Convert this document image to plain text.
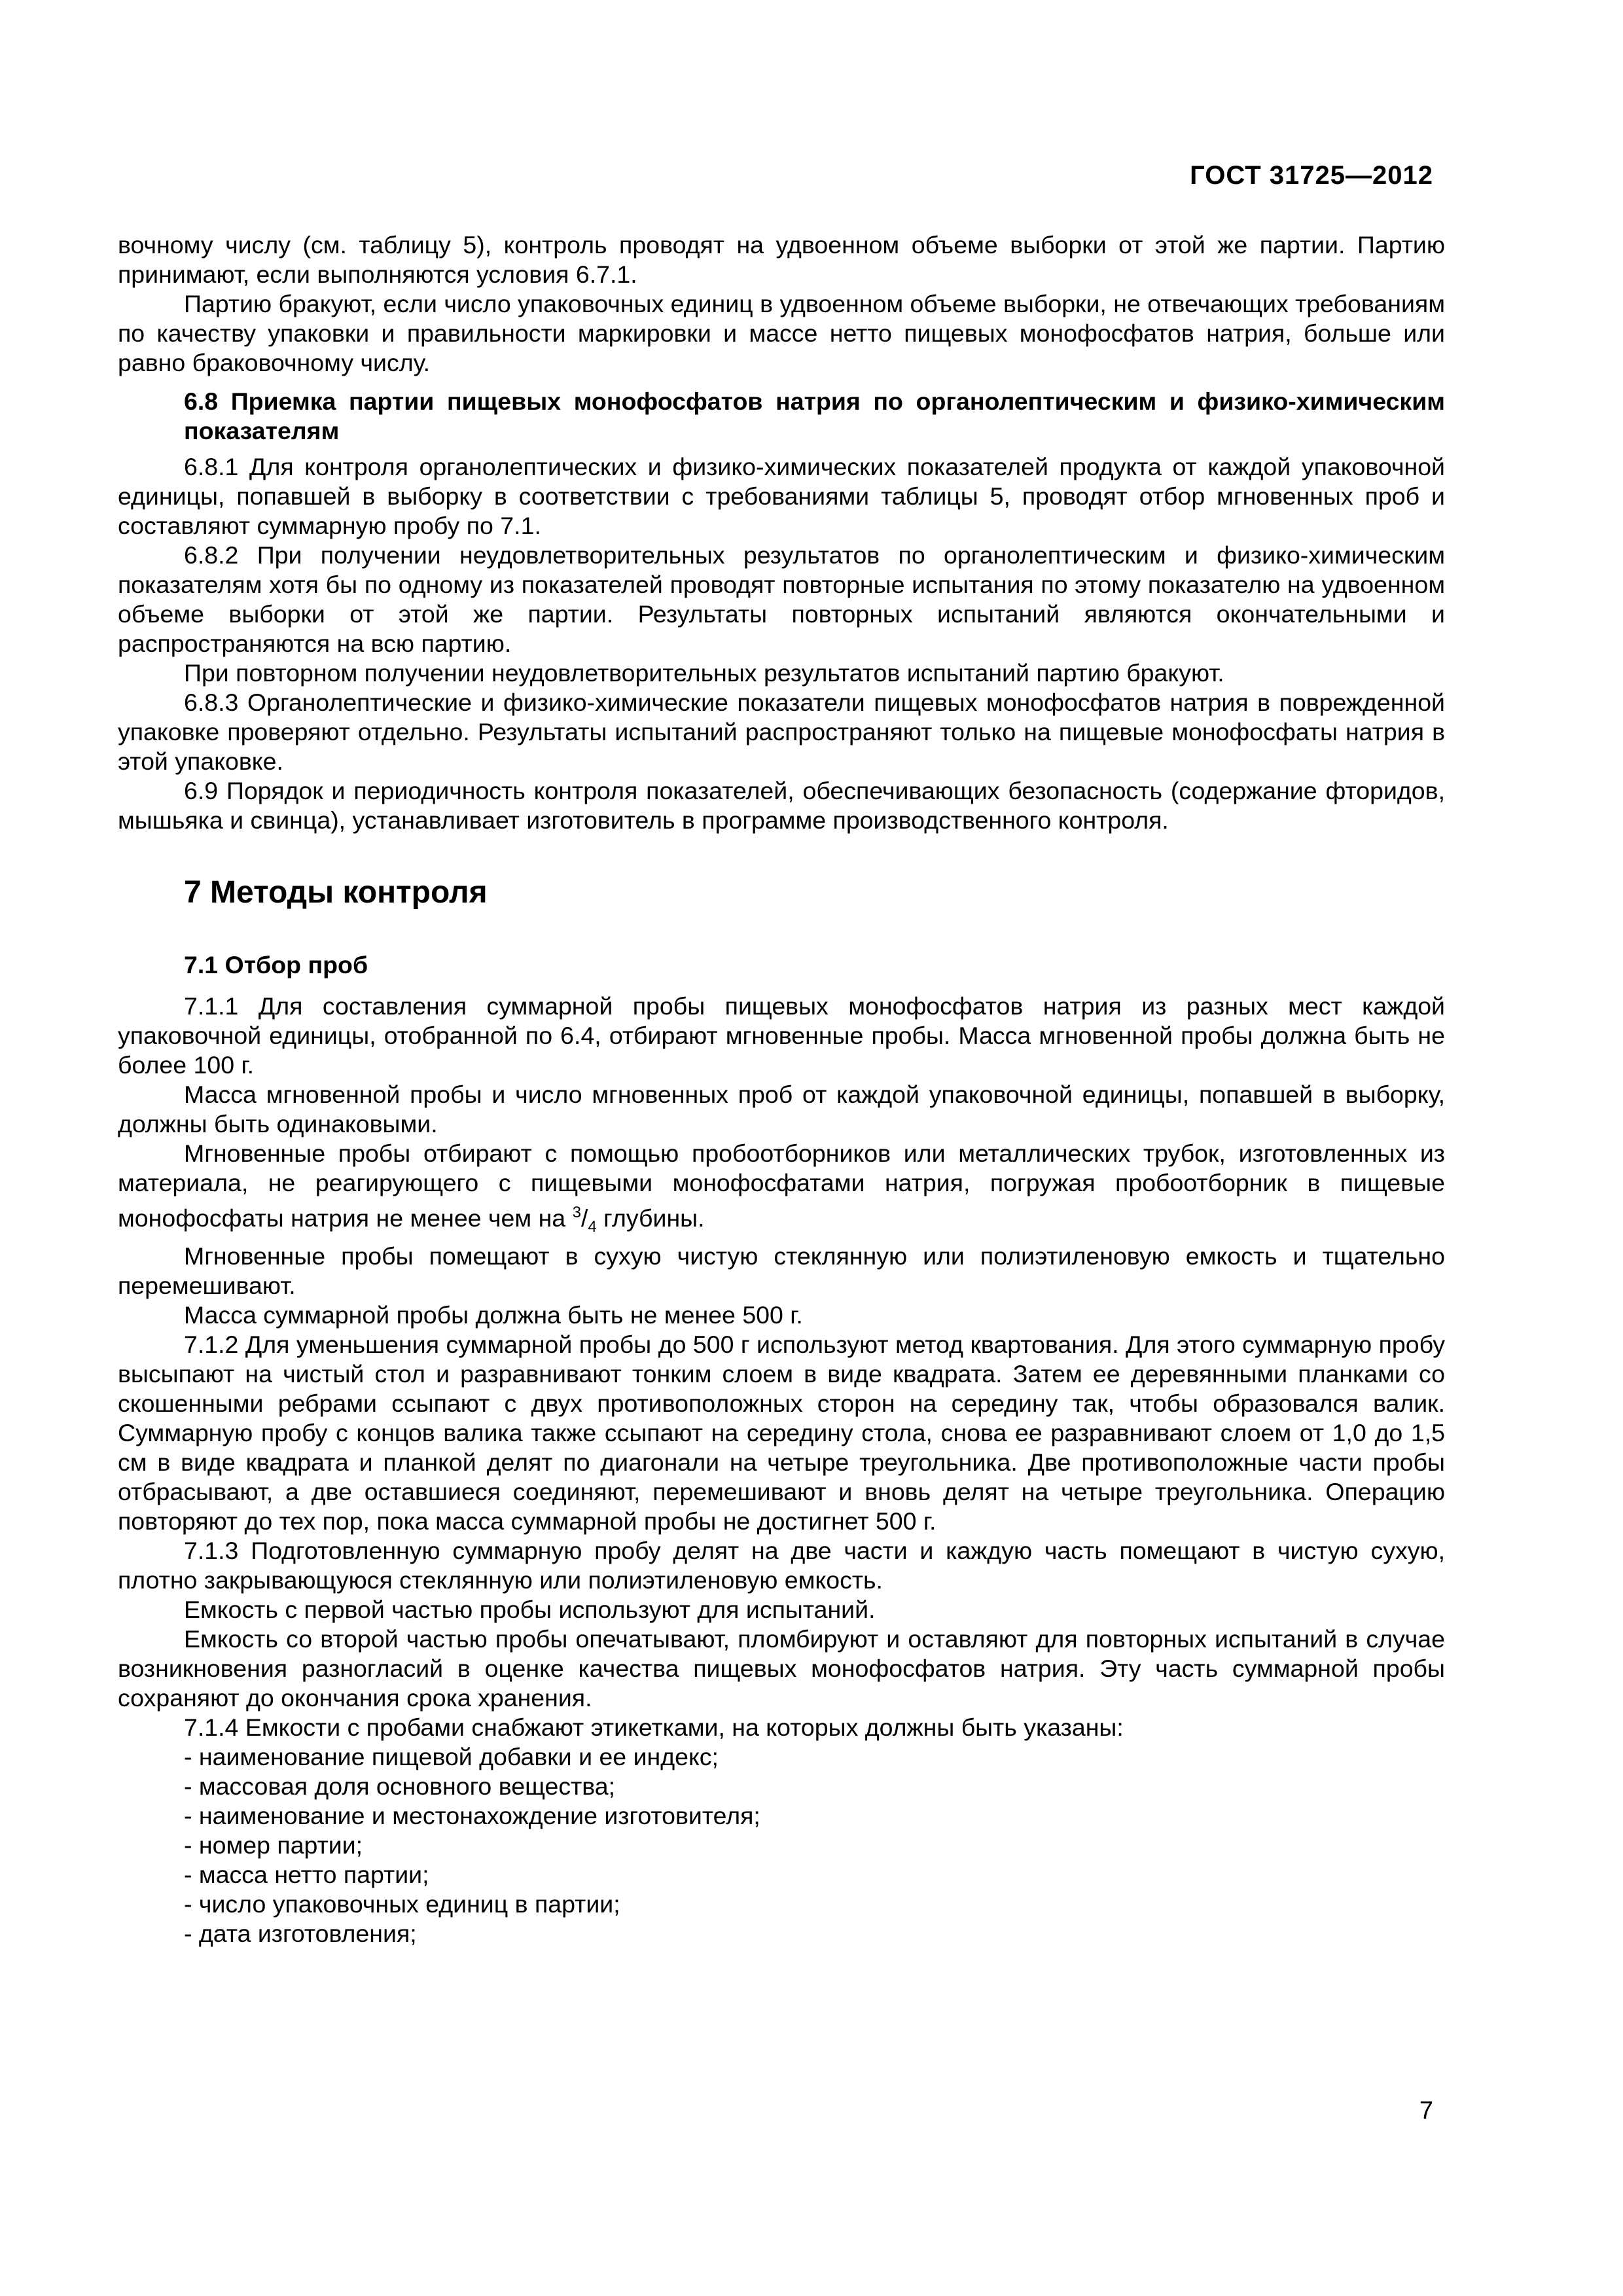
ГОСТ 31725—2012

вочному числу (см. таблицу 5), контроль проводят на удвоенном объеме выборки от этой же партии. Партию принимают, если выполняются условия 6.7.1.

Партию бракуют, если число упаковочных единиц в удвоенном объеме выборки, не отвечающих требованиям по качеству упаковки и правильности маркировки и массе нетто пищевых монофосфатов натрия, больше или равно браковочному числу.

6.8 Приемка партии пищевых монофосфатов натрия по органолептическим и физико-химическим показателям

6.8.1 Для контроля органолептических и физико-химических показателей продукта от каждой упаковочной единицы, попавшей в выборку в соответствии с требованиями таблицы 5, проводят отбор мгновенных проб и составляют суммарную пробу по 7.1.

6.8.2 При получении неудовлетворительных результатов по органолептическим и физико-химическим показателям хотя бы по одному из показателей проводят повторные испытания по этому показателю на удвоенном объеме выборки от этой же партии. Результаты повторных испытаний являются окончательными и распространяются на всю партию.

При повторном получении неудовлетворительных результатов испытаний партию бракуют.

6.8.3 Органолептические и физико-химические показатели пищевых монофосфатов натрия в поврежденной упаковке проверяют отдельно. Результаты испытаний распространяют только на пищевые монофосфаты натрия в этой упаковке.

6.9 Порядок и периодичность контроля показателей, обеспечивающих безопасность (содержание фторидов, мышьяка и свинца), устанавливает изготовитель в программе производственного контроля.

7 Методы контроля
7.1 Отбор проб

7.1.1 Для составления суммарной пробы пищевых монофосфатов натрия из разных мест каждой упаковочной единицы, отобранной по 6.4, отбирают мгновенные пробы. Масса мгновенной пробы должна быть не более 100 г.

Масса мгновенной пробы и число мгновенных проб от каждой упаковочной единицы, попавшей в выборку, должны быть одинаковыми.

Мгновенные пробы отбирают с помощью пробоотборников или металлических трубок, изготовленных из материала, не реагирующего с пищевыми монофосфатами натрия, погружая пробоотборник в пищевые монофосфаты натрия не менее чем на $^3/_4$ глубины.

Мгновенные пробы помещают в сухую чистую стеклянную или полиэтиленовую емкость и тщательно перемешивают.

Масса суммарной пробы должна быть не менее 500 г.

7.1.2 Для уменьшения суммарной пробы до 500 г используют метод квартования. Для этого суммарную пробу высыпают на чистый стол и разравнивают тонким слоем в виде квадрата. Затем ее деревянными планками со скошенными ребрами ссыпают с двух противоположных сторон на середину так, чтобы образовался валик. Суммарную пробу с концов валика также ссыпают на середину стола, снова ее разравнивают слоем от 1,0 до 1,5 см в виде квадрата и планкой делят по диагонали на четыре треугольника. Две противоположные части пробы отбрасывают, а две оставшиеся соединяют, перемешивают и вновь делят на четыре треугольника. Операцию повторяют до тех пор, пока масса суммарной пробы не достигнет 500 г.

7.1.3 Подготовленную суммарную пробу делят на две части и каждую часть помещают в чистую сухую, плотно закрывающуюся стеклянную или полиэтиленовую емкость.

Емкость с первой частью пробы используют для испытаний.

Емкость со второй частью пробы опечатывают, пломбируют и оставляют для повторных испытаний в случае возникновения разногласий в оценке качества пищевых монофосфатов натрия. Эту часть суммарной пробы сохраняют до окончания срока хранения.

7.1.4 Емкости с пробами снабжают этикетками, на которых должны быть указаны:

- наименование пищевой добавки и ее индекс;
- массовая доля основного вещества;
- наименование и местонахождение изготовителя;
- номер партии;
- масса нетто партии;
- число упаковочных единиц в партии;
- дата изготовления;
7
